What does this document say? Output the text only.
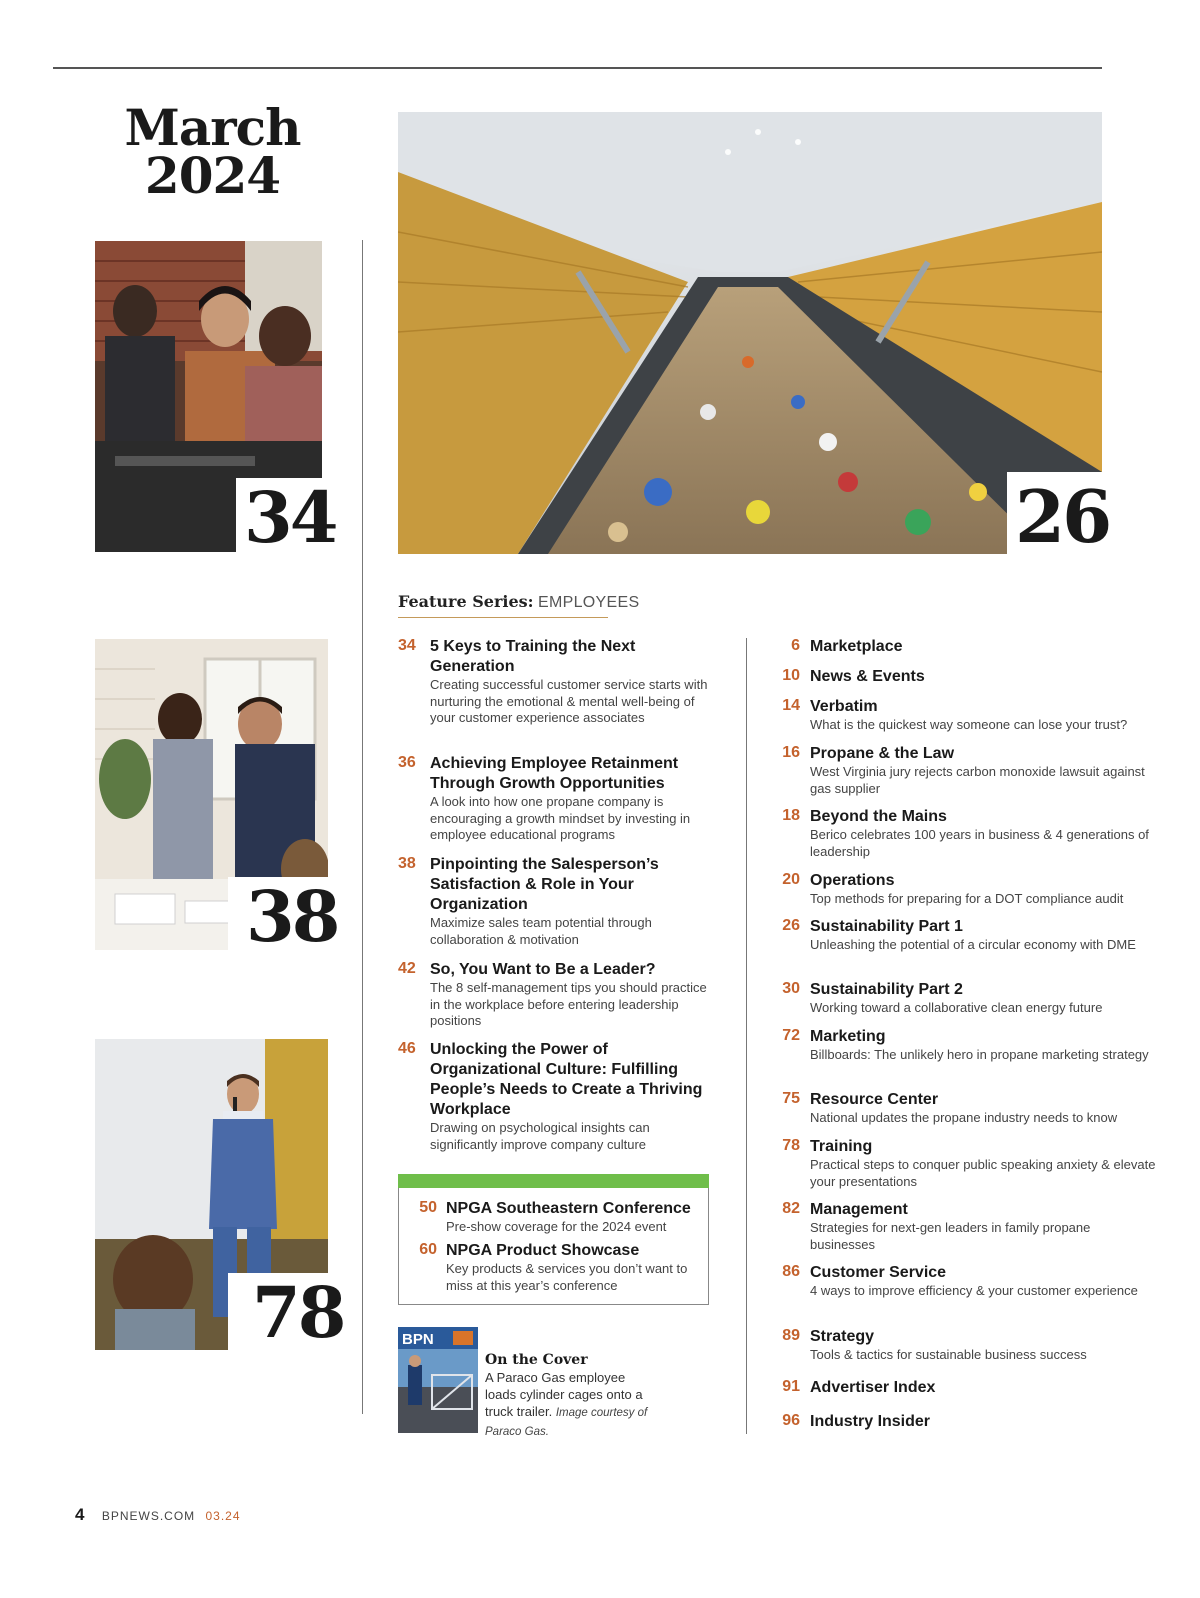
March
2024
34	26
38
78
Feature Series: EMPLOYEES
34 5 Keys to Training the Next Generation
Creating successful customer service starts with nurturing the emotional & mental well-being of your customer experience associates
36 Achieving Employee Retainment Through Growth Opportunities
A look into how one propane company is encouraging a growth mindset by investing in employee educational programs
38 Pinpointing the Salesperson’s Satisfaction & Role in Your Organization
Maximize sales team potential through collaboration & motivation
42 So, You Want to Be a Leader?
The 8 self-management tips you should practice in the workplace before entering leadership positions
46 Unlocking the Power of Organizational Culture: Fulfilling People’s Needs to Create a Thriving Workplace
Drawing on psychological insights can significantly improve company culture
50 NPGA Southeastern Conference
Pre-show coverage for the 2024 event
60 NPGA Product Showcase
Key products & services you don’t want to miss at this year’s conference
BPN
On the Cover
A Paraco Gas employee loads cylinder cages onto a truck trailer. Image courtesy of Paraco Gas.
6 Marketplace
10 News & Events
14 Verbatim
What is the quickest way someone can lose your trust?
16 Propane & the Law
West Virginia jury rejects carbon monoxide lawsuit against gas supplier
18 Beyond the Mains
Berico celebrates 100 years in business & 4 generations of leadership
20 Operations
Top methods for preparing for a DOT compliance audit
26 Sustainability Part 1
Unleashing the potential of a circular economy with DME
30 Sustainability Part 2
Working toward a collaborative clean energy future
72 Marketing
Billboards: The unlikely hero in propane marketing strategy
75 Resource Center
National updates the propane industry needs to know
78 Training
Practical steps to conquer public speaking anxiety & elevate your presentations
82 Management
Strategies for next-gen leaders in family propane businesses
86 Customer Service
4 ways to improve efficiency & your customer experience
89 Strategy
Tools & tactics for sustainable business success
91 Advertiser Index
96 Industry Insider
4 BPNEWS.COM 03.24
